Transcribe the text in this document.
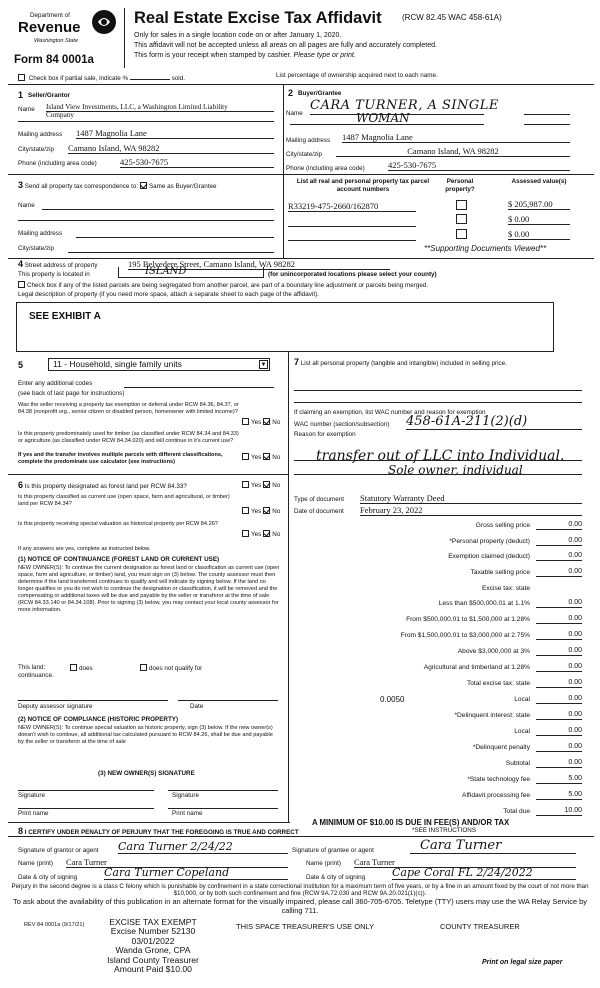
Department of
Revenue
Washington State
Form 84 0001a
Real Estate Excise Tax Affidavit	(RCW 82.45 WAC 458-61A)
Only for sales in a single location code on or after January 1, 2020.
This affidavit will not be accepted unless all areas on all pages are fully and accurately completed.
This form is your receipt when stamped by cashier. Please type or print.
Check box if partial sale, indicate %	sold.	List percentage of ownership acquired next to each name.
1 Seller/Grantor
Name Island View Investments, LLC, a Washington Limited Liability
Company
Mailing address 1487 Magnolia Lane
City/state/zip Camano Island, WA 98282
Phone (including area code)	425-530-7675
2 Buyer/Grantee
Name
CARA TURNER, A SINGLE
WOMAN
Mailing address 1487 Magnolia Lane
City/state/zip	Camano Island, WA 98282
Phone (including area code)	425-530-7675
3 Send all property tax correspondence to: Same as Buyer/Grantee
Name
Mailing address
City/state/zip
List all real and personal property tax parcel account numbers
Personal property?
Assessed value(s)
R33219-475-2660/162870	$ 205,987.00
$ 0.00
$ 0.00
**Supporting Documents Viewed**
4 Street address of property	195 Belvedere Street, Camano Island, WA 98282
This property is located in	ISLAND	(for unincorporated locations please select your county)
Check box if any of the listed parcels are being segregated from another parcel, are part of a boundary line adjustment or parcels being merged.
Legal description of property (if you need more space, attach a separate sheet to each page of the affidavit).
SEE EXHIBIT A
5	11 - Household, single family units	▼
Enter any additional codes
(see back of last page for instructions)
Was the seller receiving a property tax exemption or deferral under RCW 84.36, 84.37, or 84.38 (nonprofit org., senior citizen or disabled person, homeowner with limited income)?
Yes No
Is this property predominately used for timber (as classified under RCW 84.34 and 84.33) or agriculture (as classified under RCW 84.34.020) and will continue in it's current use?
If yes and the transfer involves multiple parcels with different classifications, complete the predominate use calculator (see instructions)
Yes No
6 Is this property designated as forest land per RCW 84.33?	Yes No
Is this property classified as current use (open space, farm and agricultural, or timber) land per RCW 84.34?
Yes No
Is this property receiving special valuation as historical property per RCW 84.26?
Yes No
If any answers are yes, complete as instructed below.
(1) NOTICE OF CONTINUANCE (FOREST LAND OR CURRENT USE)
NEW OWNER(S): To continue the current designation as forest land or classification as current use (open space, farm and agriculture, or timber) land, you must sign on (3) below. The county assessor must then determine if the land transferred continues to qualify and will indicate by signing below. If the land no longer qualifies or you do not wish to continue the designation or classification, it will be removed and the compensating or additional taxes will be due and payable by the seller or transferor at the time of sale (RCW 84.33.140 or 84.34.108). Prior to signing (3) below, you may contact your local county assessor for more information.
This land:	does	does not qualify for
continuance.
Deputy assessor signature	Date
(2) NOTICE OF COMPLIANCE (HISTORIC PROPERTY)
NEW OWNER(S): To continue special valuation as historic property, sign (3) below. If the new owner(s) doesn't wish to continue, all additional tax calculated pursuant to RCW 84.26, shall be due and payable by the seller or transferor at the time of sale
(3) NEW OWNER(S) SIGNATURE
Signature	Signature
Print name	Print name
7 List all personal property (tangible and intangible) included in selling price.
If claiming an exemption, list WAC number and reason for exemption
WAC number (section/subsection) 458-61A-211(2)(d)
Reason for exemption
transfer out of LLC into Individual.
Sole owner, individual
Type of document Statutory Warranty Deed
Date of document February 23, 2022
Gross selling price	0.00
*Personal property (deduct)	0.00
Exemption claimed (deduct)	0.00
Taxable selling price	0.00
Excise tax: state
Less than $500,000.01 at 1.1%	0.00
From $500,000.01 to $1,500,000 at 1.28%	0.00
From $1,500,000.01 to $3,000,000 at 2.75%	0.00
Above $3,000,000 at 3%	0.00
Agricultural and timberland at 1.28%	0.00
Total excise tax: state	0.00
0.0050	Local	0.00
*Delinquent interest: state	0.00
Local	0.00
*Delinquent penalty	0.00
Subtotal	0.00
*State technology fee	5.00
Affidavit processing fee	5.00
Total due	10.00
A MINIMUM OF $10.00 IS DUE IN FEE(S) AND/OR TAX
*SEE INSTRUCTIONS
8 I CERTIFY UNDER PENALTY OF PERJURY THAT THE FOREGOING IS TRUE AND CORRECT
Signature of grantor or agent Cara Turner 2/24/22	Signature of grantee or agent	Cara Turner
Name (print) Cara Turner	Name (print) Cara Turner
Date & city of signing Cara Turner Copeland	Date & city of signing Cape Coral FL 2/24/2022
Perjury in the second degree is a class C felony which is punishable by confinement in a state correctional institution for a maximum term of five years, or by a fine in an amount fixed by the court of not more than $10,000, or by both such confinement and fine (RCW 9A.72.030 and RCW 9A.20.021(1)(c)).
To ask about the availability of this publication in an alternate format for the visually impaired, please call 360-705-6705. Teletype (TTY) users may use the WA Relay Service by calling 711.
REV 84 0001a (9/17/21)	EXCISE TAX EXEMPT
Excise Number 52130
03/01/2022
Wanda Grone, CPA
Island County Treasurer
Amount Paid $10.00
THIS SPACE TREASURER'S USE ONLY	COUNTY TREASURER
Print on legal size paper
